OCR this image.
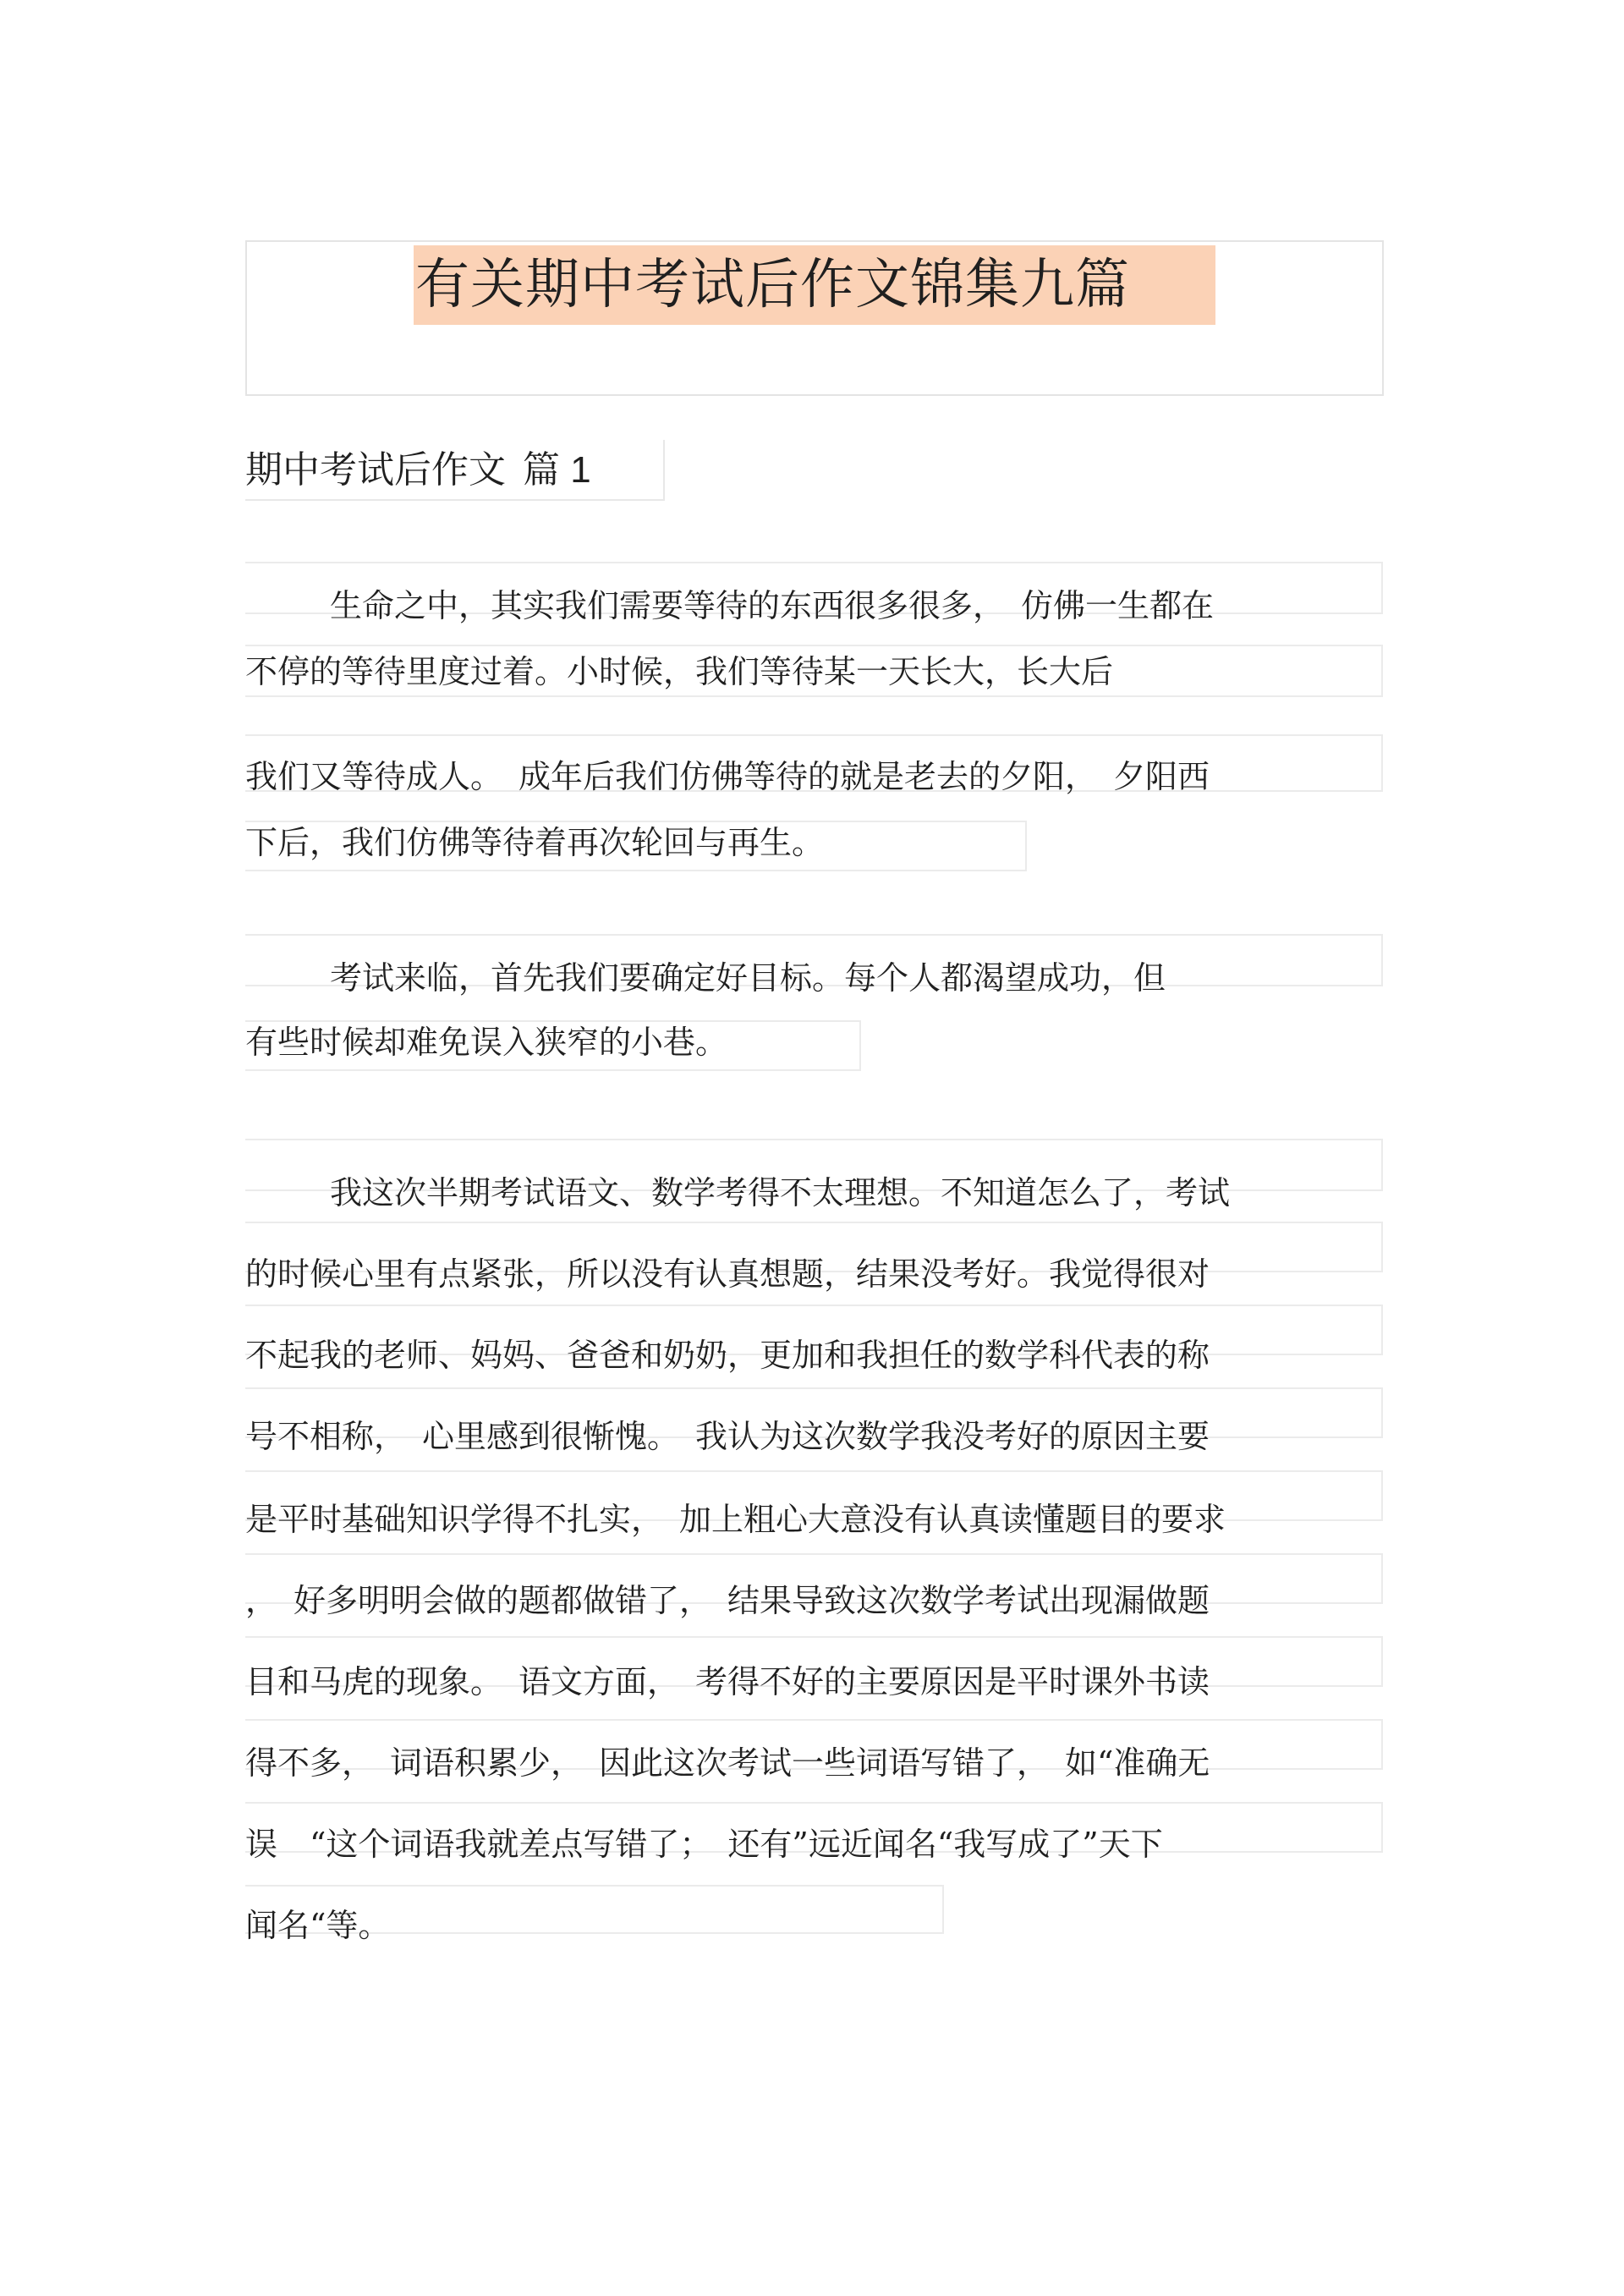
有关期中考试后作文锦集九篇
期中考试后作文 篇 1
生命之中，其实我们需要等待的东西很多很多，　仿佛一生都在
不停的等待里度过着。小时候，我们等待某一天长大，长大后
我们又等待成人。　成年后我们仿佛等待的就是老去的夕阳，　夕阳西
下后，我们仿佛等待着再次轮回与再生。
考试来临，首先我们要确定好目标。每个人都渴望成功，但
有些时候却难免误入狭窄的小巷。
我这次半期考试语文、数学考得不太理想。不知道怎么了，考试
的时候心里有点紧张，所以没有认真想题，结果没考好。我觉得很对
不起我的老师、妈妈、爸爸和奶奶，更加和我担任的数学科代表的称
号不相称，　心里感到很惭愧。　我认为这次数学我没考好的原因主要
是平时基础知识学得不扎实，　加上粗心大意没有认真读懂题目的要求
，　好多明明会做的题都做错了，　结果导致这次数学考试出现漏做题
目和马虎的现象。　语文方面，　考得不好的主要原因是平时课外书读
得不多，　词语积累少，　因此这次考试一些词语写错了，　如“准确无
误　“这个词语我就差点写错了；　还有”远近闻名“我写成了”天下
闻名“等。
